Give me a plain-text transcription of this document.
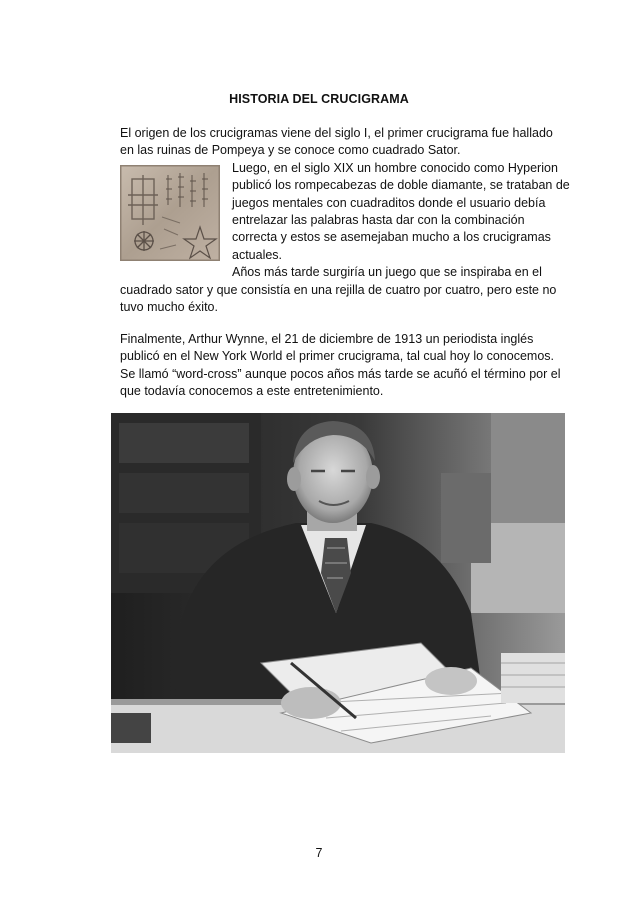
HISTORIA DEL CRUCIGRAMA
El origen de los crucigramas viene del siglo I, el primer crucigrama fue hallado
en las ruinas de Pompeya y se conoce como cuadrado Sator.
Luego, en el siglo XIX un hombre conocido como Hyperion
publicó los rompecabezas de doble diamante, se trataban de
juegos mentales con cuadraditos donde el usuario debía
entrelazar las palabras hasta dar con la combinación
correcta y estos se asemejaban mucho a los crucigramas
actuales.
Años más tarde surgiría un juego que se inspiraba en el
cuadrado sator y que consistía en una rejilla de cuatro por cuatro, pero este no
tuvo mucho éxito.
Finalmente, Arthur Wynne, el 21 de diciembre de 1913 un periodista inglés
publicó en el New York World el primer crucigrama, tal cual hoy lo conocemos.
Se llamó “word-cross” aunque pocos años más tarde se acuñó el término por el
que todavía conocemos a este entretenimiento.
7
